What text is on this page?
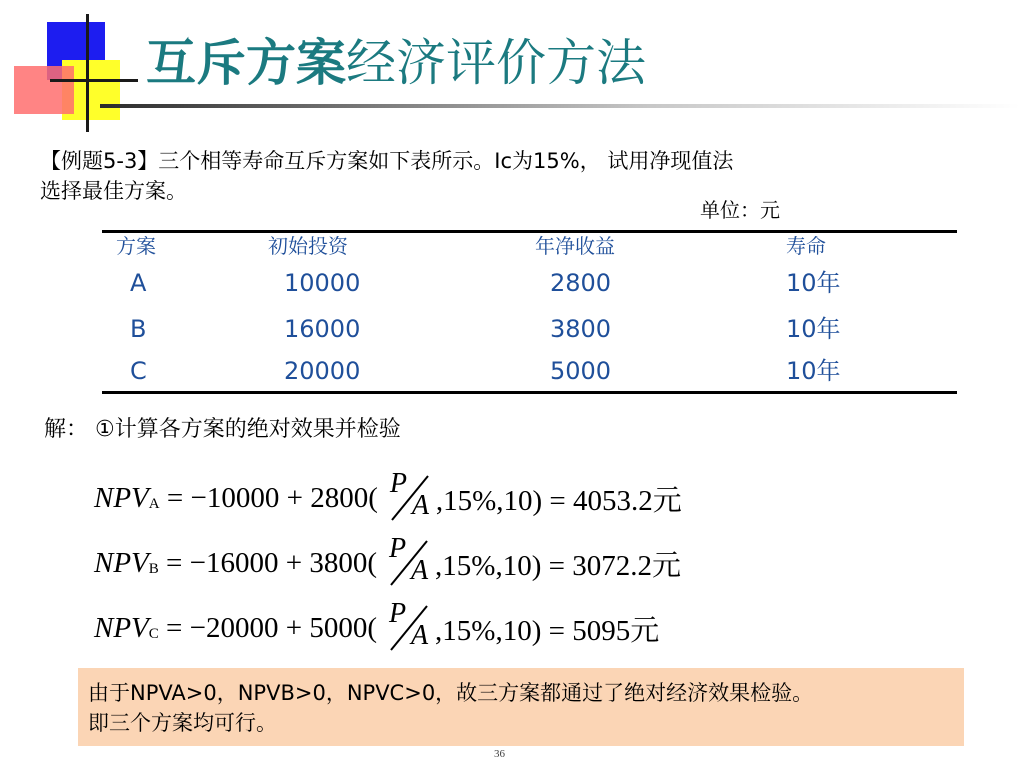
互斥方案经济评价方法
【例题5-3】三个相等寿命互斥方案如下表所示。Ic为15%， 试用净现值法
选择最佳方案。
单位：元
方案	初始投资	年净收益	寿命
A	10000	2800	10年
B	16000	3800	10年
C	20000	5000	10年
解： ①计算各方案的绝对效果并检验
$NPV_A = -10000 + 2800$( P
A ,15%,10) = 4053.2元
$NPV_B = -16000 + 3800$( P
A ,15%,10) = 3072.2元
$NPV_C = -20000 + 5000$( P
A ,15%,10) = 5095元

由于NPVA>0，NPVB>0，NPVC>0，故三方案都通过了绝对经济效果检验。

即三个方案均可行。

36
